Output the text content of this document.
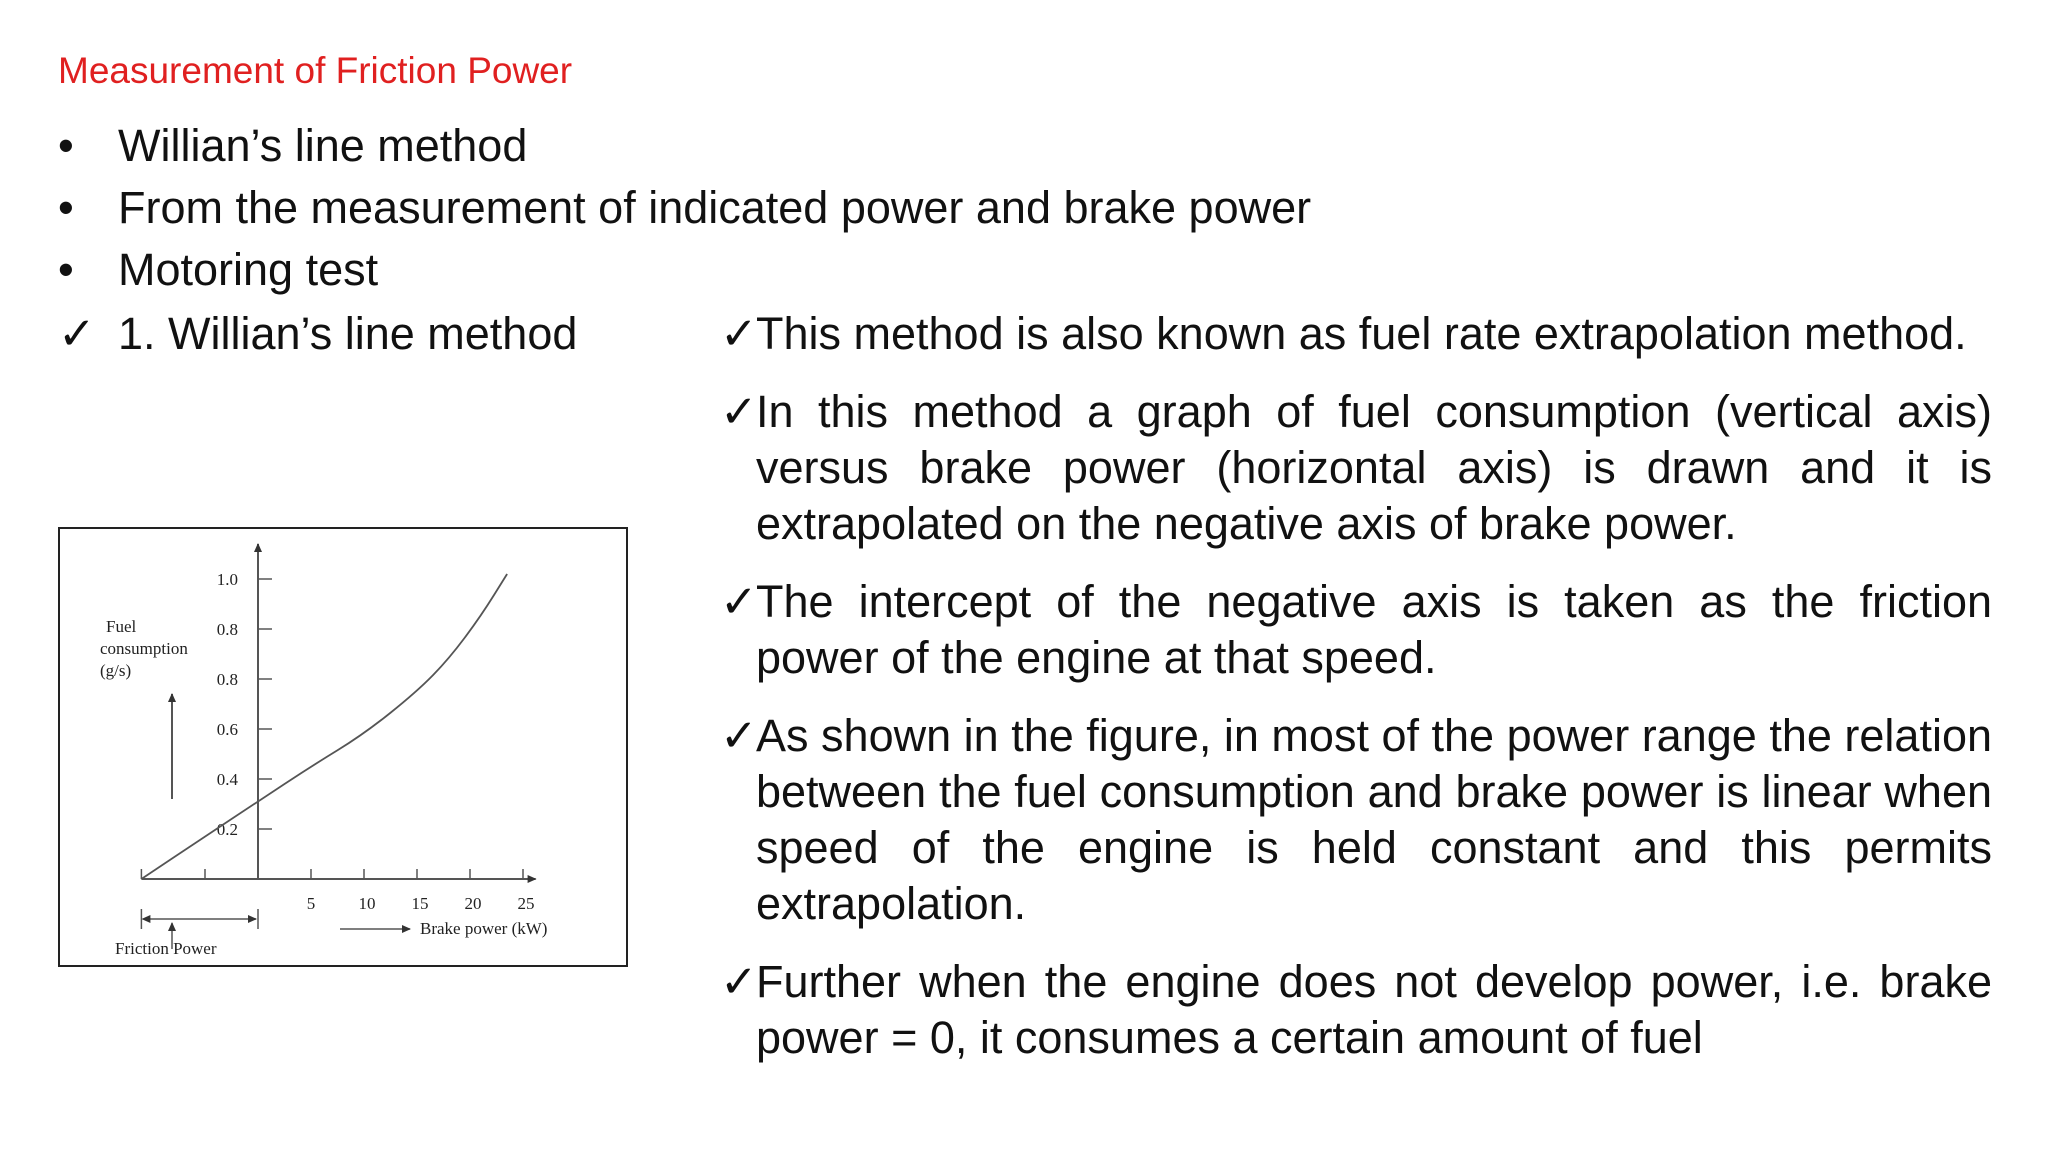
Measurement of Friction Power
• Willian’s line method
• From the measurement of indicated power and brake power
• Motoring test
✓ 1. Willian’s line method	✓
This method is also known as fuel rate extrapolation method.
✓
In this method a graph of fuel consumption (vertical axis) versus brake power (horizontal axis) is drawn and it is extrapolated on the negative axis of brake power.
✓
The intercept of the negative axis is taken as the friction power of the engine at that speed.
✓
As shown in the figure, in most of the power range the relation between the fuel consumption and brake power is linear when speed of the engine is held constant and this permits extrapolation.
✓
Further when the engine does not develop power, i.e. brake power = 0, it consumes a certain amount of fuel
0.2
0.4
0.6
0.8
0.8
1.0
5	10 15 20 25
Fuel consumption (g/s)
Brake power (kW)
Friction Power
